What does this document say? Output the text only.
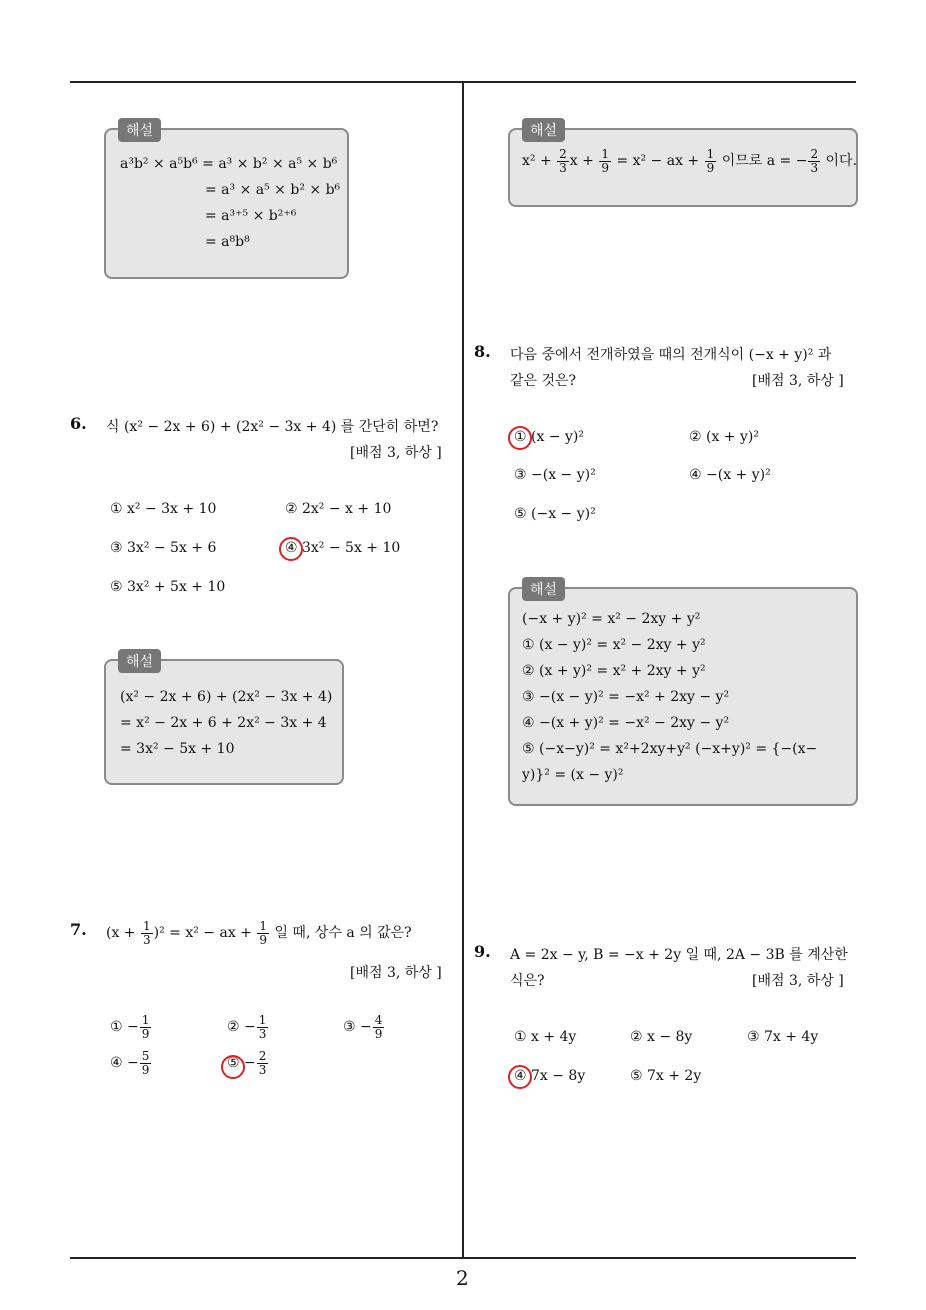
2
해설
a³b² × a⁵b⁶ = a³ × b² × a⁵ × b⁶
= a³ × a⁵ × b² × b⁶
= a³⁺⁵ × b²⁺⁶
= a⁸b⁸
해설
$x^2 + \frac{2}{3}$ $x + \frac{1}{9} = x^2$ − ax + $\frac{1}{9}$ 이므로 a = − $\frac{2}{3}$ 이다.
6. 식 (x² − 2x + 6) + (2x² − 3x + 4) 를 간단히 하면?
[배점 3, 하상 ]
① x² − 3x + 10	② 2x² − x + 10
③ 3x² − 5x + 6	④ 3x² − 5x + 10
⑤ 3x² + 5x + 10
해설
(x² − 2x + 6) + (2x² − 3x + 4)
= x² − 2x + 6 + 2x² − 3x + 4
= 3x² − 5x + 10
7. $(x + \frac{1}{3} )^2 = x^2$ − ax + $\frac{1}{9}$ 일 때, 상수 a 의 값은?
[배점 3, 하상 ]
① − $\frac{1}{9}$	② − $\frac{1}{3}$	③ − $\frac{4}{9}$
④ − $\frac{5}{9}$	⑤ − $\frac{2}{3}$
8. 다음 중에서 전개하였을 때의 전개식이 (−x + y)² 과
같은 것은?	[배점 3, 하상 ]
① (x − y)²	② (x + y)²
③ −(x − y)²	④ −(x + y)²
⑤ (−x − y)²
해설
(−x + y)² = x² − 2xy + y²
① (x − y)² = x² − 2xy + y²
② (x + y)² = x² + 2xy + y²
③ −(x − y)² = −x² + 2xy − y²
④ −(x + y)² = −x² − 2xy − y²
⑤ (−x−y)² = x²+2xy+y² (−x+y)² = {−(x−
y)}² = (x − y)²
9. A = 2x − y, B = −x + 2y 일 때, 2A − 3B 를 계산한
식은?	[배점 3, 하상 ]
① x + 4y	② x − 8y	③ 7x + 4y
④ 7x − 8y	⑤ 7x + 2y
